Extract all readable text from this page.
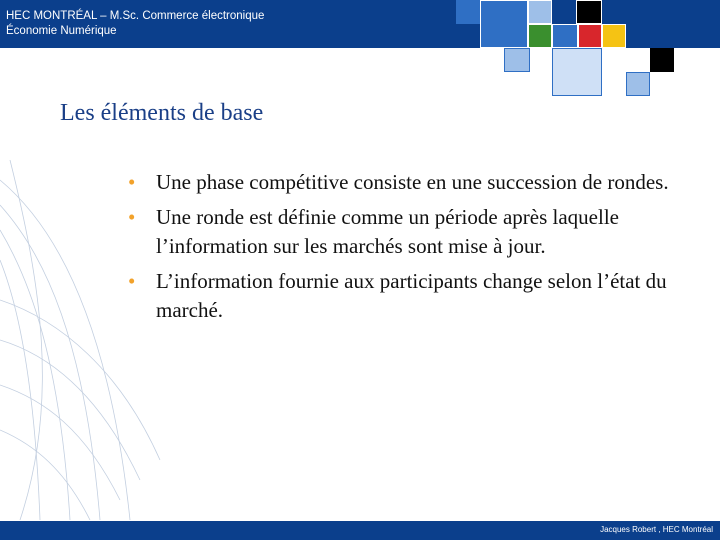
HEC MONTRÉAL – M.Sc. Commerce électronique
Économie Numérique
Les éléments de base
• Une phase compétitive consiste en une succession de rondes.
• Une ronde est définie comme un période après laquelle l’information sur les marchés sont mise à jour.
• L’information fournie aux participants change selon l’état du marché.
Jacques Robert , HEC Montréal
